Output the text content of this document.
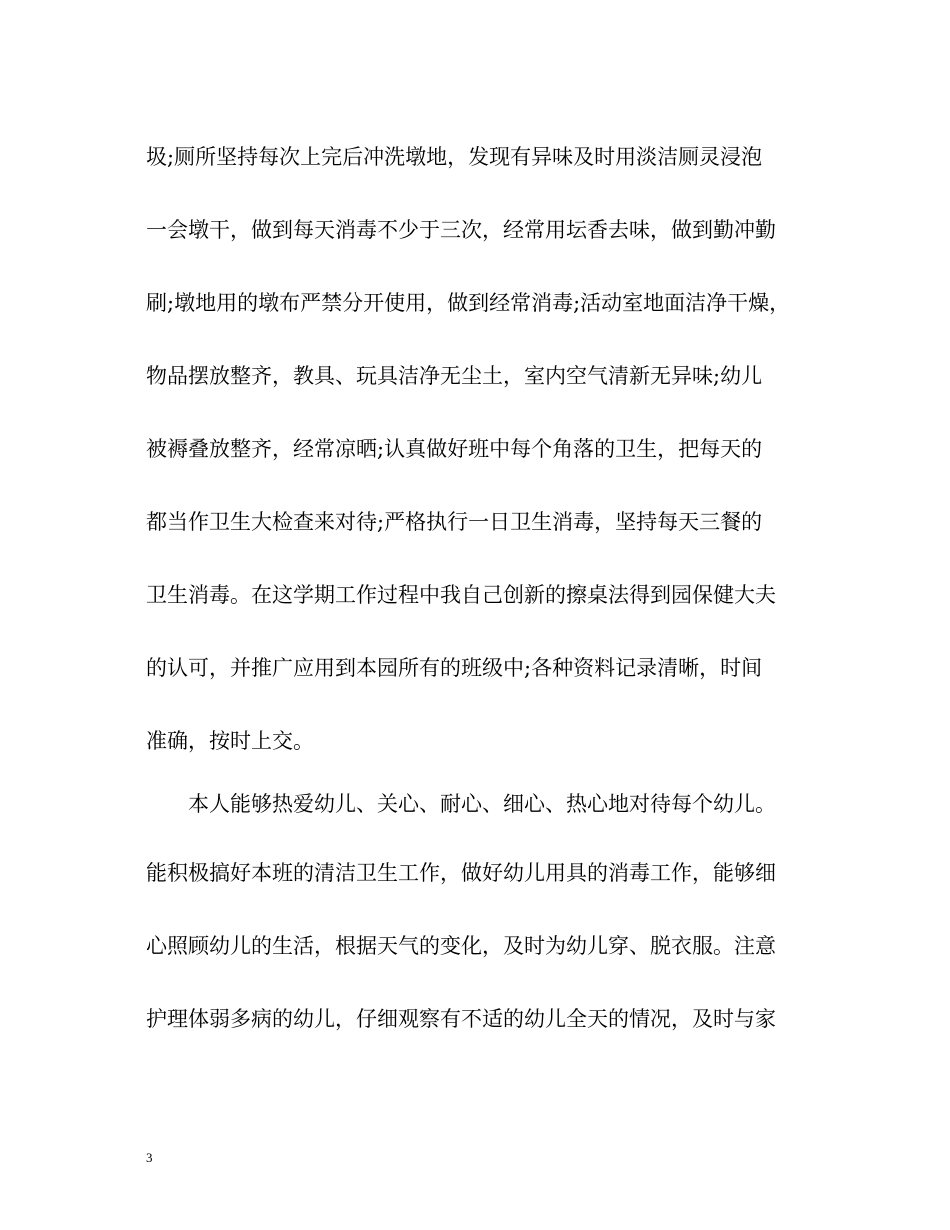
圾;厕所坚持每次上完后冲洗墩地，发现有异味及时用淡洁厕灵浸泡
一会墩干，做到每天消毒不少于三次，经常用坛香去味，做到勤冲勤
刷;墩地用的墩布严禁分开使用，做到经常消毒;活动室地面洁净干燥，
物品摆放整齐，教具、玩具洁净无尘土，室内空气清新无异味;幼儿
被褥叠放整齐，经常凉晒;认真做好班中每个角落的卫生，把每天的
都当作卫生大检查来对待;严格执行一日卫生消毒，坚持每天三餐的
卫生消毒。在这学期工作过程中我自己创新的擦桌法得到园保健大夫
的认可，并推广应用到本园所有的班级中;各种资料记录清晰，时间
准确，按时上交。
本人能够热爱幼儿、关心、耐心、细心、热心地对待每个幼儿。
能积极搞好本班的清洁卫生工作，做好幼儿用具的消毒工作，能够细
心照顾幼儿的生活，根据天气的变化，及时为幼儿穿、脱衣服。注意
护理体弱多病的幼儿，仔细观察有不适的幼儿全天的情况，及时与家
3
